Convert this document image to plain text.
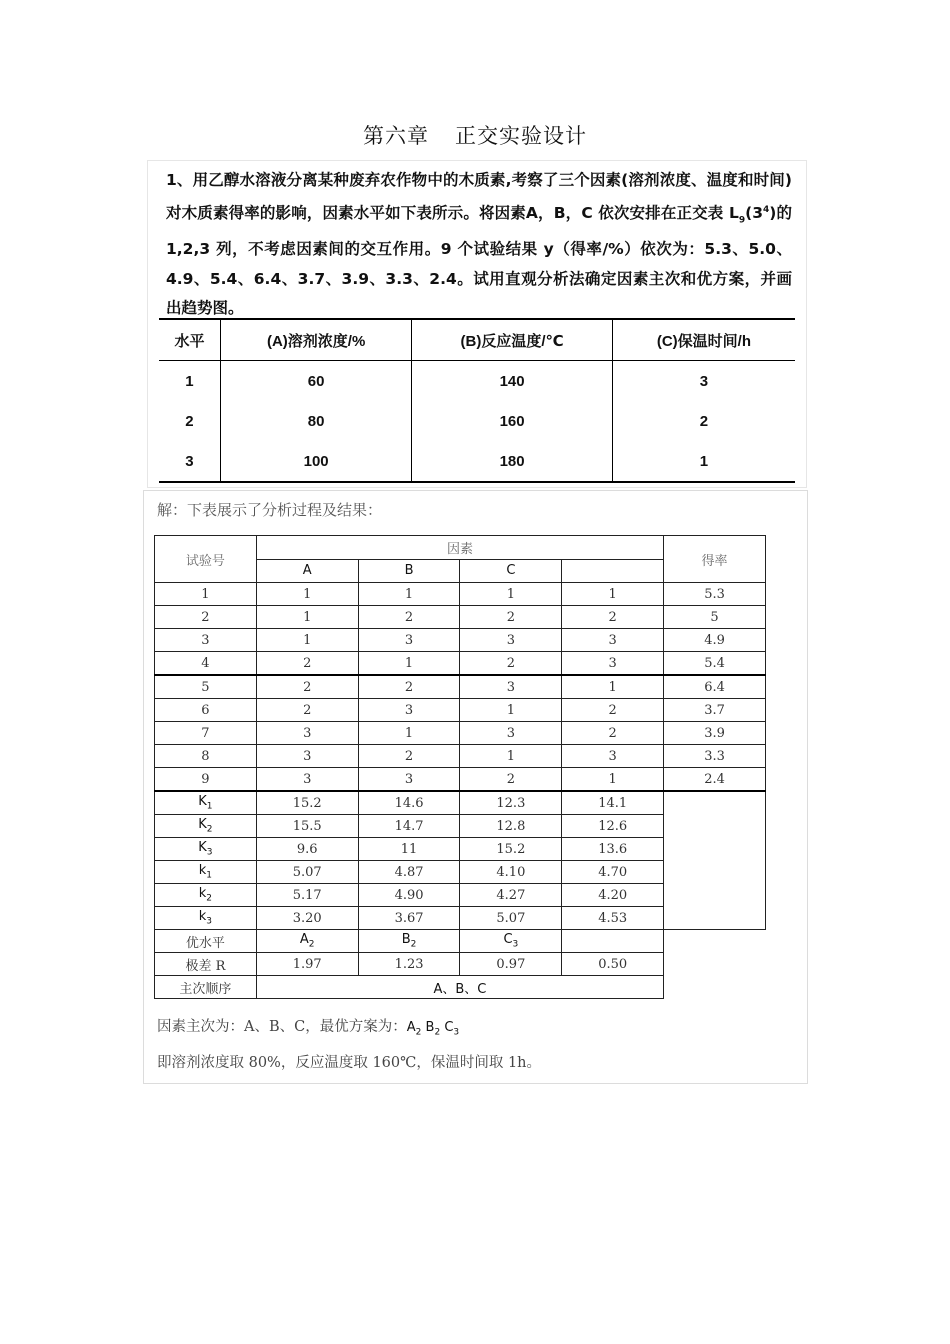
第六章 正交实验设计
1、用乙醇水溶液分离某种废弃农作物中的木质素,考察了三个因素(溶剂浓度、温度和时间)对木质素得率的影响，因素水平如下表所示。将因素A，B，C 依次安排在正交表 $L_9(3^4)$的 1,2,3 列，不考虑因素间的交互作用。9 个试验结果 y（得率/%）依次为：5.3、5.0、4.9、5.4、6.4、3.7、3.9、3.3、2.4。试用直观分析法确定因素主次和优方案，并画出趋势图。
水平	(A)溶剂浓度/%	(B)反应温度/℃	(C)保温时间/h
1	60	140	3
2	80	160	2
3	100	180	1
解：下表展示了分析过程及结果：
试验号	因素				得率
	A	B	C		
1	1	1	1	1	5.3
2	1	2	2	2	5
3	1	3	3	3	4.9
4	2	1	2	3	5.4
5	2	2	3	1	6.4
6	2	3	1	2	3.7
7	3	1	3	2	3.9
8	3	2	1	3	3.3
9	3	3	2	1	2.4
$K_1$	15.2	14.6	12.3	14.1	
$K_2$	15.5	14.7	12.8	12.6	
$K_3$	9.6	11	15.2	13.6	
$k_1$	5.07	4.87	4.10	4.70	
$k_2$	5.17	4.90	4.27	4.20	
$k_3$	3.20	3.67	5.07	4.53	
优水平	$A_2$	$B_2$	$C_3$	
极差 R	1.97	1.23	0.97	0.50	
主次顺序	A、B、C				
因素主次为：A、B、C，最优方案为：$A_2$ $B_2$ $C_3$
即溶剂浓度取 80%，反应温度取 160℃，保温时间取 1h。
